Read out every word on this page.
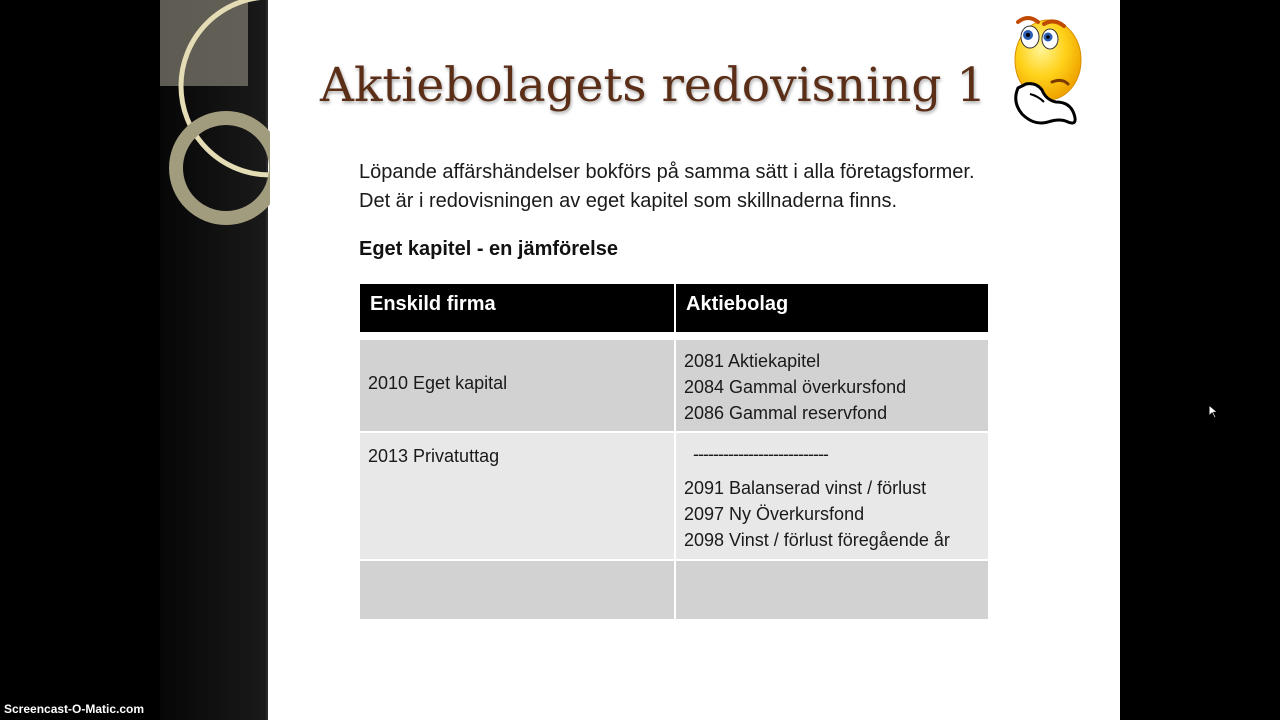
Aktiebolagets redovisning 1

Löpande affärshändelser bokförs på samma sätt i alla företagsformer.

Det är i redovisningen av eget kapitel som skillnaderna finns.

Eget kapitel - en jämförelse
Enskild firma	Aktiebolag

2010 Eget kapital	2081 Aktiekapitel
2084 Gammal överkursfond
2086 Gammal reservfond

2013 Privatuttag	---------------------------
2091 Balanserad vinst / förlust
2097 Ny Överkursfond
2098 Vinst / förlust föregående år

Screencast-O-Matic.com
